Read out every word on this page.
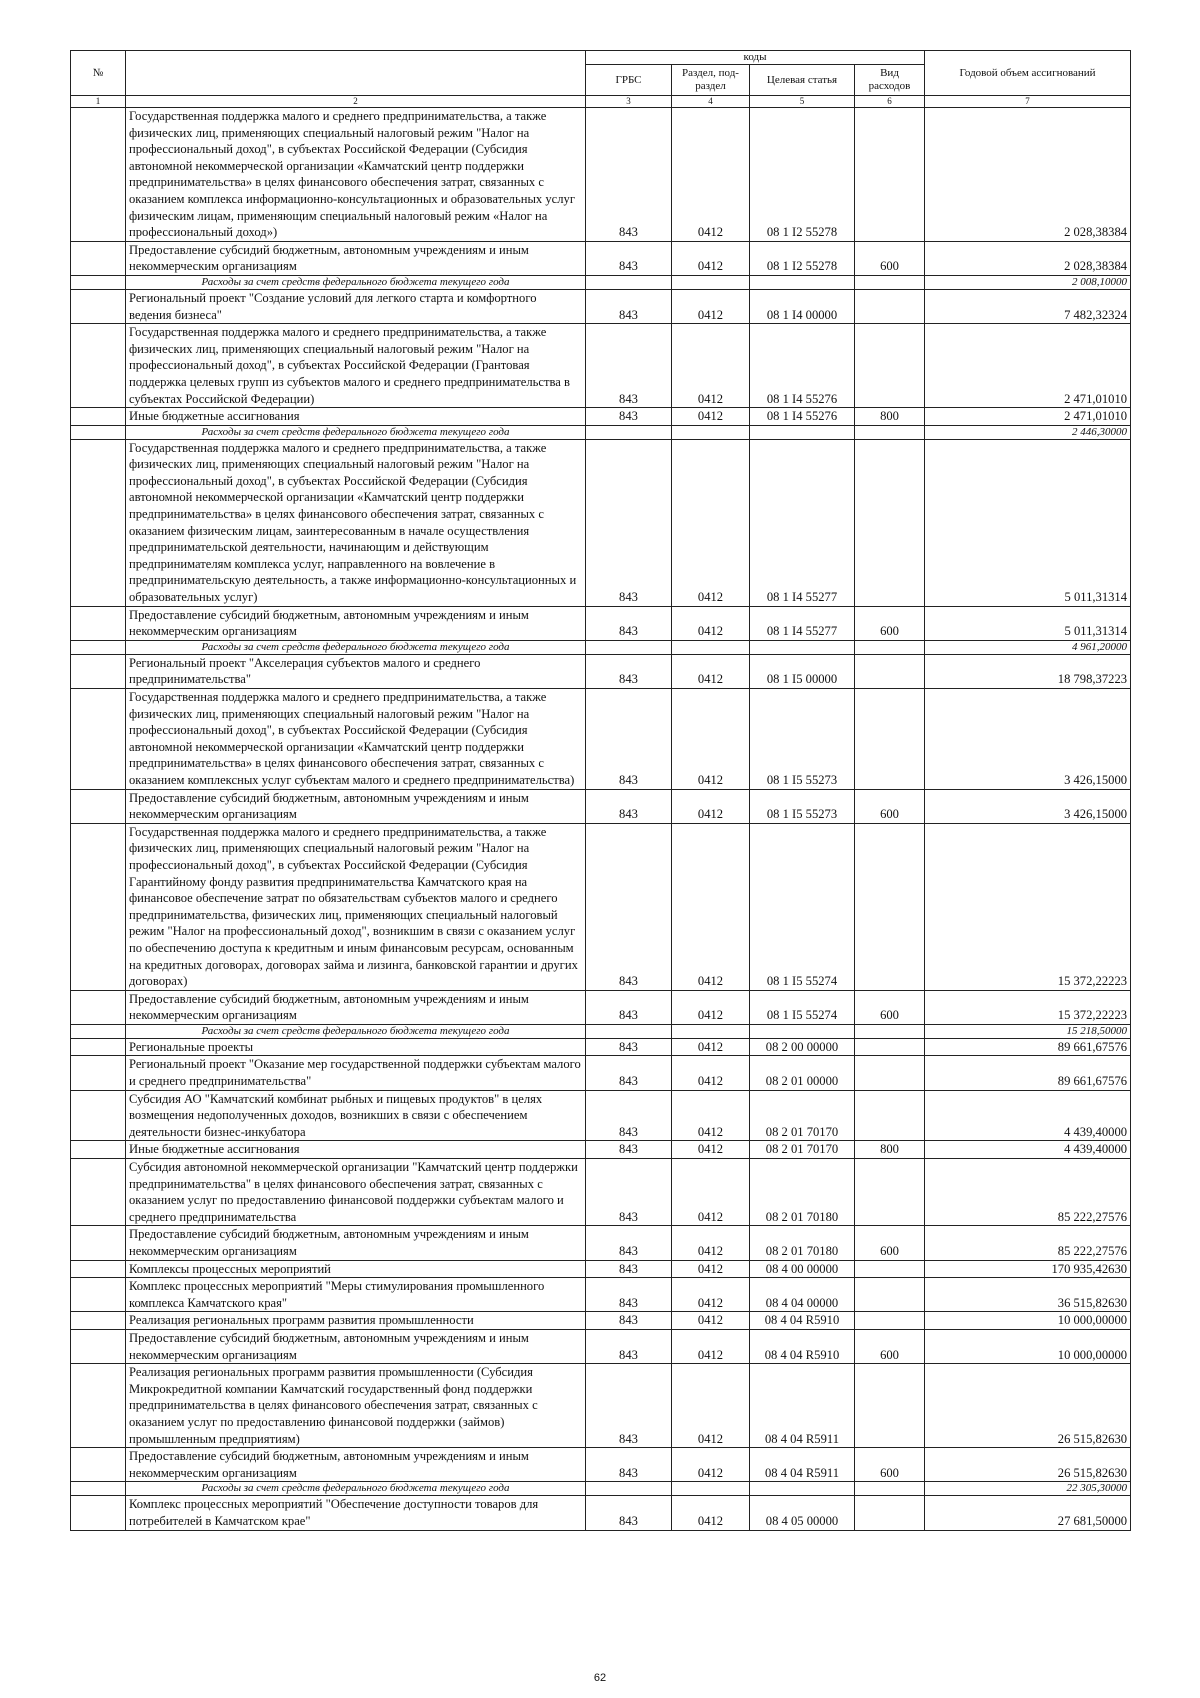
№		коды				Годовой объем ассигнований
		ГРБС	Раздел, под-раздел	Целевая статья	Вид расходов	
1	2	3	4	5	6	7
	Государственная поддержка малого и среднего предпринимательства, а также физических лиц, применяющих специальный налоговый режим "Налог на профессиональный доход", в субъектах Российской Федерации (Субсидия автономной некоммерческой организации «Камчатский центр поддержки предпринимательства» в целях финансового обеспечения затрат, связанных с оказанием комплекса информационно-консультационных и образовательных услуг физическим лицам, применяющим специальный налоговый режим «Налог на профессиональный доход»)	843	0412	08 1 I2 55278		2 028,38384
	Предоставление субсидий бюджетным, автономным учреждениям и иным некоммерческим организациям	843	0412	08 1 I2 55278	600	2 028,38384
	Расходы за счет средств федерального бюджета текущего года					2 008,10000
	Региональный проект "Создание условий для легкого старта и комфортного ведения бизнеса"	843	0412	08 1 I4 00000		7 482,32324
	Государственная поддержка малого и среднего предпринимательства, а также физических лиц, применяющих специальный налоговый режим "Налог на профессиональный доход", в субъектах Российской Федерации (Грантовая поддержка целевых групп из субъектов малого и среднего предпринимательства в субъектах Российской Федерации)	843	0412	08 1 I4 55276		2 471,01010
	Иные бюджетные ассигнования	843	0412	08 1 I4 55276	800	2 471,01010
	Расходы за счет средств федерального бюджета текущего года					2 446,30000
	Государственная поддержка малого и среднего предпринимательства, а также физических лиц, применяющих специальный налоговый режим "Налог на профессиональный доход", в субъектах Российской Федерации (Субсидия автономной некоммерческой организации «Камчатский центр поддержки предпринимательства» в целях финансового обеспечения затрат, связанных с оказанием физическим лицам, заинтересованным в начале осуществления предпринимательской деятельности, начинающим и действующим предпринимателям комплекса услуг, направленного на вовлечение в предпринимательскую деятельность, а также информационно-консультационных и образовательных услуг)	843	0412	08 1 I4 55277		5 011,31314
	Предоставление субсидий бюджетным, автономным учреждениям и иным некоммерческим организациям	843	0412	08 1 I4 55277	600	5 011,31314
	Расходы за счет средств федерального бюджета текущего года					4 961,20000
	Региональный проект "Акселерация субъектов малого и среднего предпринимательства"	843	0412	08 1 I5 00000		18 798,37223
	Государственная поддержка малого и среднего предпринимательства, а также физических лиц, применяющих специальный налоговый режим "Налог на профессиональный доход", в субъектах Российской Федерации (Субсидия автономной некоммерческой организации «Камчатский центр поддержки предпринимательства» в целях финансового обеспечения затрат, связанных с оказанием комплексных услуг субъектам малого и среднего предпринимательства)	843	0412	08 1 I5 55273		3 426,15000
	Предоставление субсидий бюджетным, автономным учреждениям и иным некоммерческим организациям	843	0412	08 1 I5 55273	600	3 426,15000
	Государственная поддержка малого и среднего предпринимательства, а также физических лиц, применяющих специальный налоговый режим "Налог на профессиональный доход", в субъектах Российской Федерации (Субсидия Гарантийному фонду развития предпринимательства Камчатского края на финансовое обеспечение затрат по обязательствам субъектов малого и среднего предпринимательства, физических лиц, применяющих специальный налоговый режим "Налог на профессиональный доход", возникшим в связи с оказанием услуг по обеспечению доступа к кредитным и иным финансовым ресурсам, основанным на кредитных договорах, договорах займа и лизинга, банковской гарантии и других договорах)	843	0412	08 1 I5 55274		15 372,22223
	Предоставление субсидий бюджетным, автономным учреждениям и иным некоммерческим организациям	843	0412	08 1 I5 55274	600	15 372,22223
	Расходы за счет средств федерального бюджета текущего года					15 218,50000
	Региональные проекты	843	0412	08 2 00 00000		89 661,67576
	Региональный проект "Оказание мер государственной поддержки субъектам малого и среднего предпринимательства"	843	0412	08 2 01 00000		89 661,67576
	Субсидия АО "Камчатский комбинат рыбных и пищевых продуктов" в целях возмещения недополученных доходов, возникших в связи с обеспечением деятельности бизнес-инкубатора	843	0412	08 2 01 70170		4 439,40000
	Иные бюджетные ассигнования	843	0412	08 2 01 70170	800	4 439,40000
	Субсидия автономной некоммерческой организации "Камчатский центр поддержки предпринимательства" в целях финансового обеспечения затрат, связанных с оказанием услуг по предоставлению финансовой поддержки субъектам малого и среднего предпринимательства	843	0412	08 2 01 70180		85 222,27576
	Предоставление субсидий бюджетным, автономным учреждениям и иным некоммерческим организациям	843	0412	08 2 01 70180	600	85 222,27576
	Комплексы процессных мероприятий	843	0412	08 4 00 00000		170 935,42630
	Комплекс процессных мероприятий "Меры стимулирования промышленного комплекса Камчатского края"	843	0412	08 4 04 00000		36 515,82630
	Реализация региональных программ развития промышленности	843	0412	08 4 04 R5910		10 000,00000
	Предоставление субсидий бюджетным, автономным учреждениям и иным некоммерческим организациям	843	0412	08 4 04 R5910	600	10 000,00000
	Реализация региональных программ развития промышленности (Субсидия Микрокредитной компании Камчатский государственный фонд поддержки предпринимательства в целях финансового обеспечения затрат, связанных с оказанием услуг по предоставлению финансовой поддержки (займов) промышленным предприятиям)	843	0412	08 4 04 R5911		26 515,82630
	Предоставление субсидий бюджетным, автономным учреждениям и иным некоммерческим организациям	843	0412	08 4 04 R5911	600	26 515,82630
	Расходы за счет средств федерального бюджета текущего года					22 305,30000
	Комплекс процессных мероприятий "Обеспечение доступности товаров для потребителей в Камчатском крае"	843	0412	08 4 05 00000		27 681,50000
62
